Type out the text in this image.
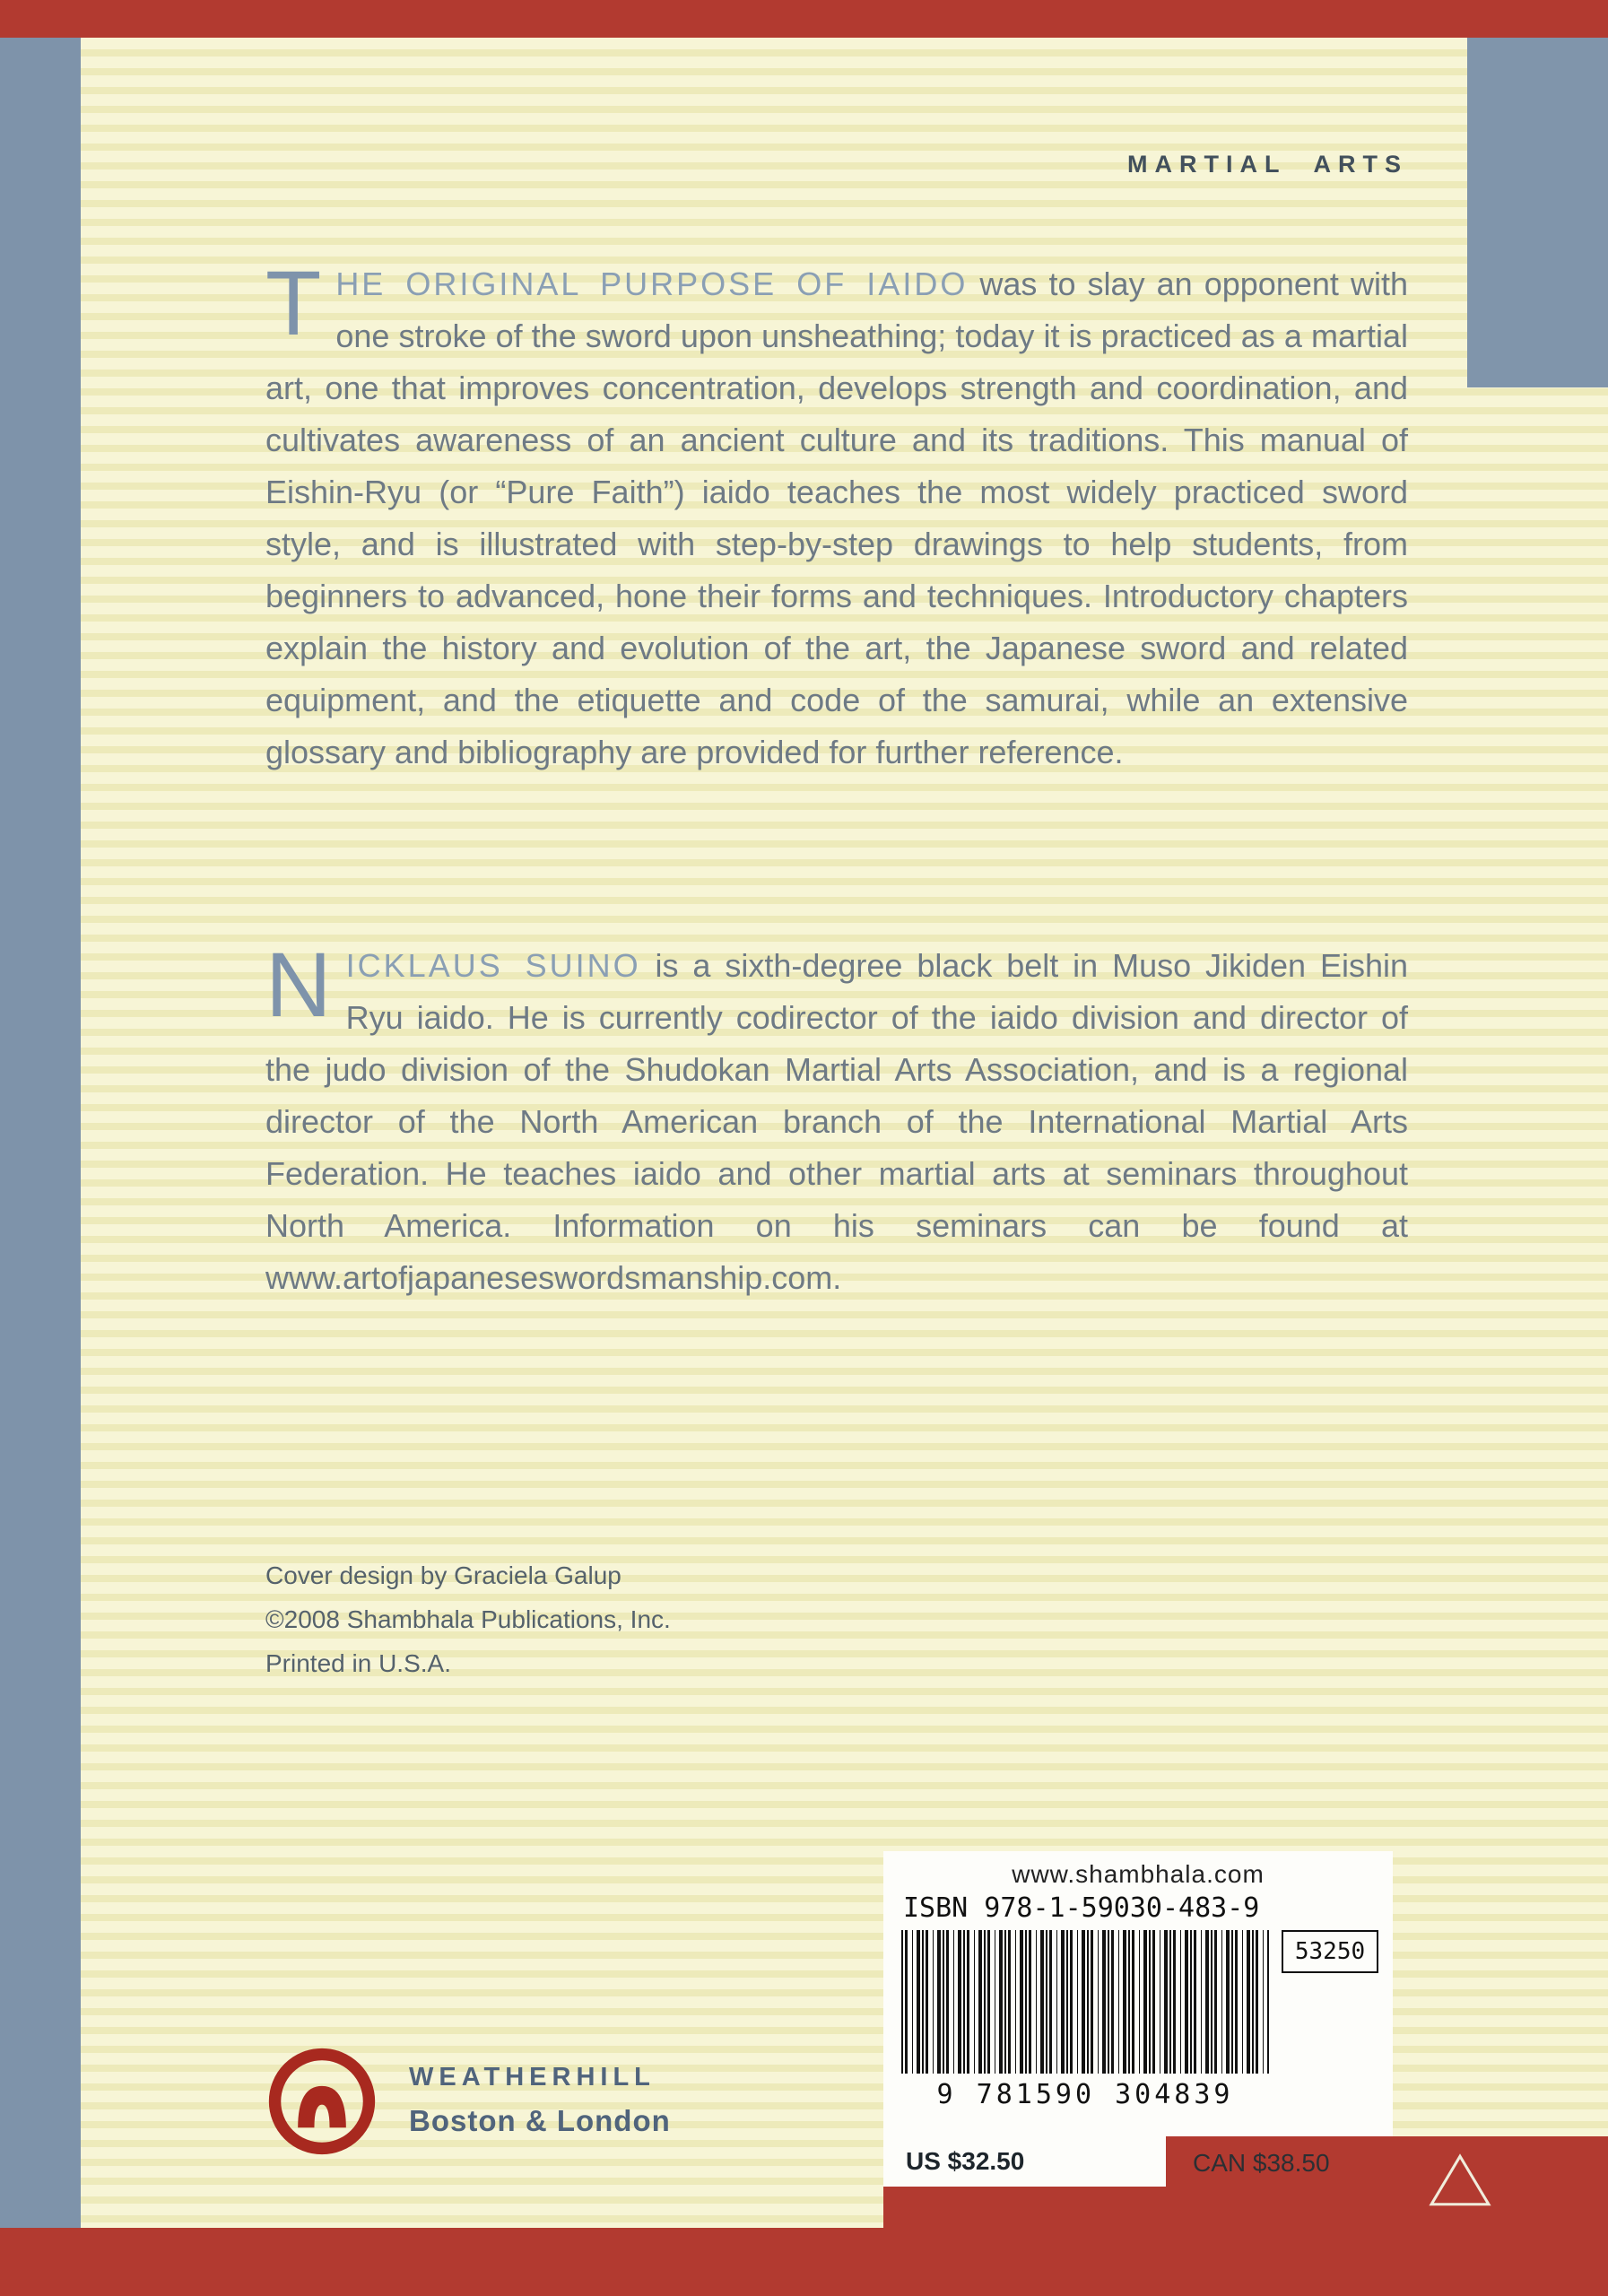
MARTIAL ARTS

THE ORIGINAL PURPOSE OF IAIDO was to slay an opponent with one stroke of the sword upon unsheathing; today it is practiced as a martial art, one that improves concentration, develops strength and coordination, and cultivates awareness of an ancient culture and its traditions. This manual of Eishin-Ryu (or “Pure Faith”) iaido teaches the most widely practiced sword style, and is illustrated with step-by-step drawings to help students, from beginners to advanced, hone their forms and techniques. Introductory chapters explain the history and evolution of the art, the Japanese sword and related equipment, and the etiquette and code of the samurai, while an extensive glossary and bibliography are provided for further reference.

NICKLAUS SUINO is a sixth-degree black belt in Muso Jikiden Eishin Ryu iaido. He is currently codirector of the iaido division and director of the judo division of the Shudokan Martial Arts Association, and is a regional director of the North American branch of the International Martial Arts Federation. He teaches iaido and other martial arts at seminars throughout North America. Information on his seminars can be found at www.artofjapaneseswordsmanship.com.

Cover design by Graciela Galup
©2008 Shambhala Publications, Inc.
Printed in U.S.A.
www.shambhala.com
ISBN 978-1-59030-483-9
53250
9 781590 304839
US $32.50	CAN $38.50
WEATHERHILL
Boston & London
